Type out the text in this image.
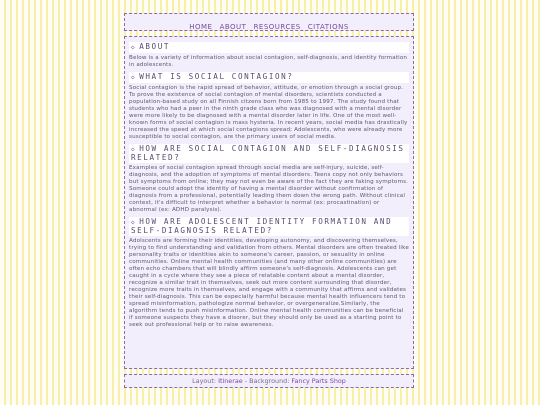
HOME ABOUT RESOURCES CITATIONS
◇ ABOUT

Below is a variety of information about social contagion, self-diagnosis, and identity formation in adolescents.

◇ WHAT IS SOCIAL CONTAGION?

Social contagion is the rapid spread of behavior, attitude, or emotion through a social group. To prove the existence of social contagion of mental disorders, scientists conducted a population-based study on all Finnish citzens born from 1985 to 1997. The study found that students who had a peer in the ninth grade class who was diagnosed with a mental disorder were more likely to be diagnosed with a mental disorder later in life. One of the most well-known forms of social contagion is mass hysteria. In recent years, social media has drastically increased the speed at which social contagions spread; Adolescents, who were already more susceptible to social contagion, are the primary users of social media.

◇ HOW ARE SOCIAL CONTAGION AND SELF-DIAGNOSIS RELATED?

Examples of social contagion spread through social media are self-injury, suicide, self-diagnosis, and the adoption of symptoms of mental disorders. Teens copy not only behaviors but symptoms from online; they may not even be aware of the fact they are faking symptoms. Someone could adopt the identity of having a mental disorder without confirmation of diagnosis from a professional, potentially leading them down the wrong path. Without clinical context, it's difficult to interpret whether a behavior is normal (ex: procastination) or abnormal (ex: ADHD paralysis).

◇ HOW ARE ADOLESCENT IDENTITY FORMATION AND SELF-DIAGNOSIS RELATED?

Adolscents are forming their identities, developing autonomy, and discovering themselves, trying to find understanding and validation from others. Mental disorders are often treated like personality traits or identities akin to someone's career, passion, or sexuality in online communities. Online mental health communities (and many other online communities) are often echo chambers that will blindly affirm someone's self-diagnosis. Adolescents can get caught in a cycle where they see a piece of relatable content about a mental disorder, recognize a similar trait in themselves, seek out more content surrounding that disorder, recognize more traits in themselves, and engage with a community that affirms and validates their self-diagnosis. This can be especially harmful because mental health influencers tend to spread misinformation, pathologize normal behavior, or overgeneralize.Similarly, the algorithm tends to push misinformation. Online mental health communities can be beneficial if someone suspects they have a disorer, but they should only be used as a starting point to seek out professional help or to raise awareness.

Layout: Itinerae - Background: Fancy Parts Shop
